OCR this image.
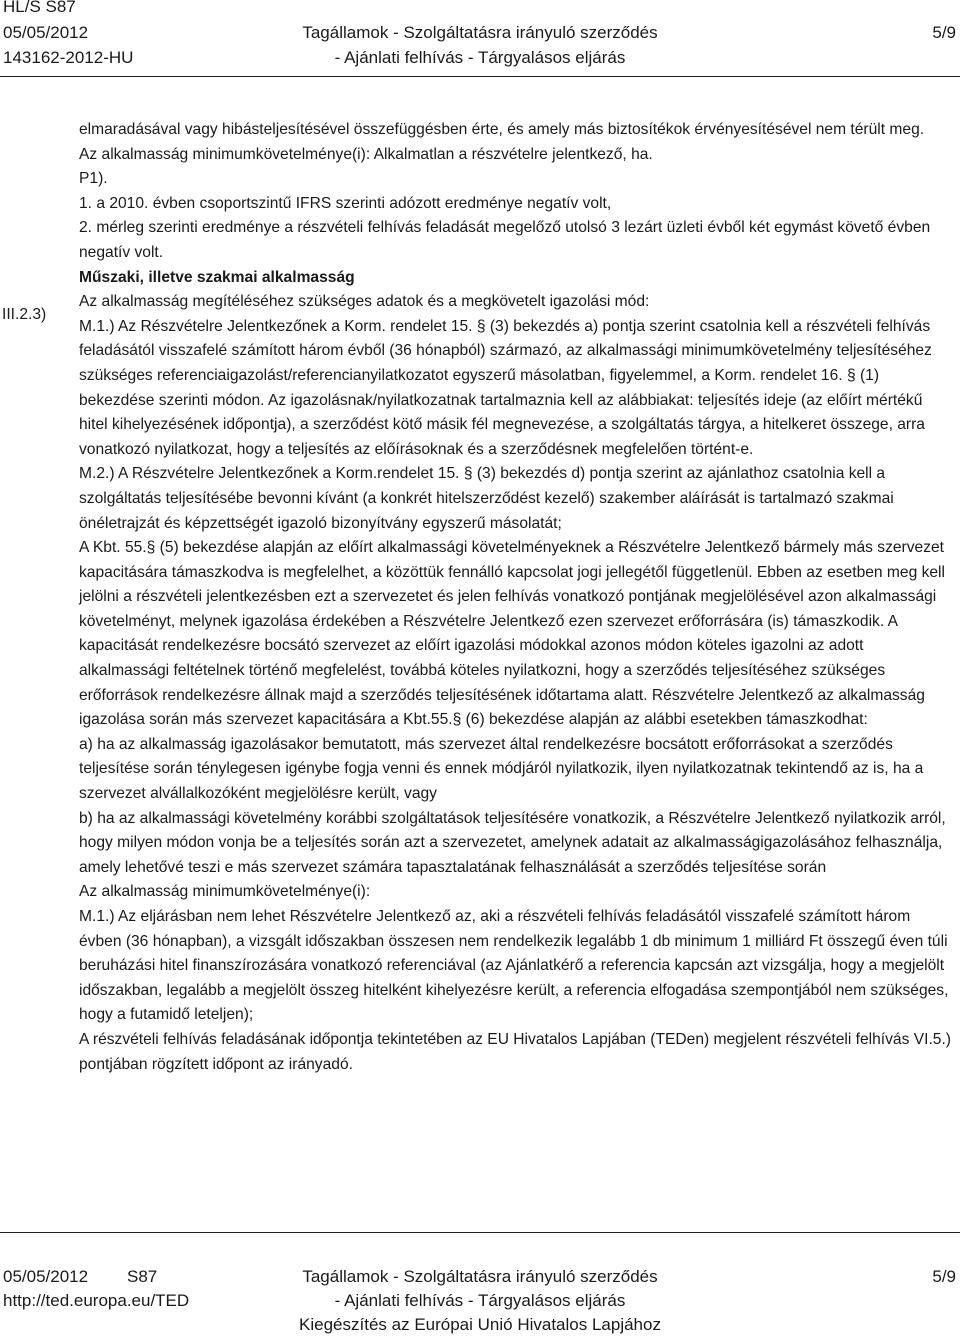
HL/S S87
05/05/2012
143162-2012-HU
Tagállamok - Szolgáltatásra irányuló szerződés
- Ajánlati felhívás - Tárgyalásos eljárás
5/9
III.2.3)

elmaradásával vagy hibásteljesítésével összefüggésben érte, és amely más biztosítékok érvényesítésével nem térült meg.

Az alkalmasság minimumkövetelménye(i): Alkalmatlan a részvételre jelentkező, ha.

P1).

1. a 2010. évben csoportszintű IFRS szerinti adózott eredménye negatív volt,

2. mérleg szerinti eredménye a részvételi felhívás feladását megelőző utolsó 3 lezárt üzleti évből két egymást követő évben negatív volt.

Műszaki, illetve szakmai alkalmasság

Az alkalmasság megítéléséhez szükséges adatok és a megkövetelt igazolási mód:

M.1.) Az Részvételre Jelentkezőnek a Korm. rendelet 15. § (3) bekezdés a) pontja szerint csatolnia kell a részvételi felhívás feladásától visszafelé számított három évből (36 hónapból) származó, az alkalmassági minimumkövetelmény teljesítéséhez szükséges referenciaigazolást/referencianyilatkozatot egyszerű másolatban, figyelemmel, a Korm. rendelet 16. § (1) bekezdése szerinti módon. Az igazolásnak/nyilatkozatnak tartalmaznia kell az alábbiakat: teljesítés ideje (az előírt mértékű hitel kihelyezésének időpontja), a szerződést kötő másik fél megnevezése, a szolgáltatás tárgya, a hitelkeret összege, arra vonatkozó nyilatkozat, hogy a teljesítés az előírásoknak és a szerződésnek megfelelően történt-e.

M.2.) A Részvételre Jelentkezőnek a Korm.rendelet 15. § (3) bekezdés d) pontja szerint az ajánlathoz csatolnia kell a szolgáltatás teljesítésébe bevonni kívánt (a konkrét hitelszerződést kezelő) szakember aláírását is tartalmazó szakmai önéletrajzát és képzettségét igazoló bizonyítvány egyszerű másolatát;

A Kbt. 55.§ (5) bekezdése alapján az előírt alkalmassági követelményeknek a Részvételre Jelentkező bármely más szervezet kapacitására támaszkodva is megfelelhet, a közöttük fennálló kapcsolat jogi jellegétől függetlenül. Ebben az esetben meg kell jelölni a részvételi jelentkezésben ezt a szervezetet és jelen felhívás vonatkozó pontjának megjelölésével azon alkalmassági követelményt, melynek igazolása érdekében a Részvételre Jelentkező ezen szervezet erőforrására (is) támaszkodik. A kapacitását rendelkezésre bocsátó szervezet az előírt igazolási módokkal azonos módon köteles igazolni az adott alkalmassági feltételnek történő megfelelést, továbbá köteles nyilatkozni, hogy a szerződés teljesítéséhez szükséges erőforrások rendelkezésre állnak majd a szerződés teljesítésének időtartama alatt. Részvételre Jelentkező az alkalmasság igazolása során más szervezet kapacitására a Kbt.55.§ (6) bekezdése alapján az alábbi esetekben támaszkodhat:

a) ha az alkalmasság igazolásakor bemutatott, más szervezet által rendelkezésre bocsátott erőforrásokat a szerződés teljesítése során ténylegesen igénybe fogja venni és ennek módjáról nyilatkozik, ilyen nyilatkozatnak tekintendő az is, ha a szervezet alvállalkozóként megjelölésre került, vagy

b) ha az alkalmassági követelmény korábbi szolgáltatások teljesítésére vonatkozik, a Részvételre Jelentkező nyilatkozik arról, hogy milyen módon vonja be a teljesítés során azt a szervezetet, amelynek adatait az alkalmasságigazolásához felhasználja, amely lehetővé teszi e más szervezet számára tapasztalatának felhasználását a szerződés teljesítése során

Az alkalmasság minimumkövetelménye(i):

M.1.) Az eljárásban nem lehet Részvételre Jelentkező az, aki a részvételi felhívás feladásától visszafelé számított három évben (36 hónapban), a vizsgált időszakban összesen nem rendelkezik legalább 1 db minimum 1 milliárd Ft összegű éven túli beruházási hitel finanszírozására vonatkozó referenciával (az Ajánlatkérő a referencia kapcsán azt vizsgálja, hogy a megjelölt időszakban, legalább a megjelölt összeg hitelként kihelyezésre került, a referencia elfogadása szempontjából nem szükséges, hogy a futamidő leteljen);

A részvételi felhívás feladásának időpontja tekintetében az EU Hivatalos Lapjában (TEDen) megjelent részvételi felhívás VI.5.) pontjában rögzített időpont az irányadó.

05/05/2012 S87
http://ted.europa.eu/TED
Tagállamok - Szolgáltatásra irányuló szerződés
- Ajánlati felhívás - Tárgyalásos eljárás
Kiegészítés az Európai Unió Hivatalos Lapjához
5/9
